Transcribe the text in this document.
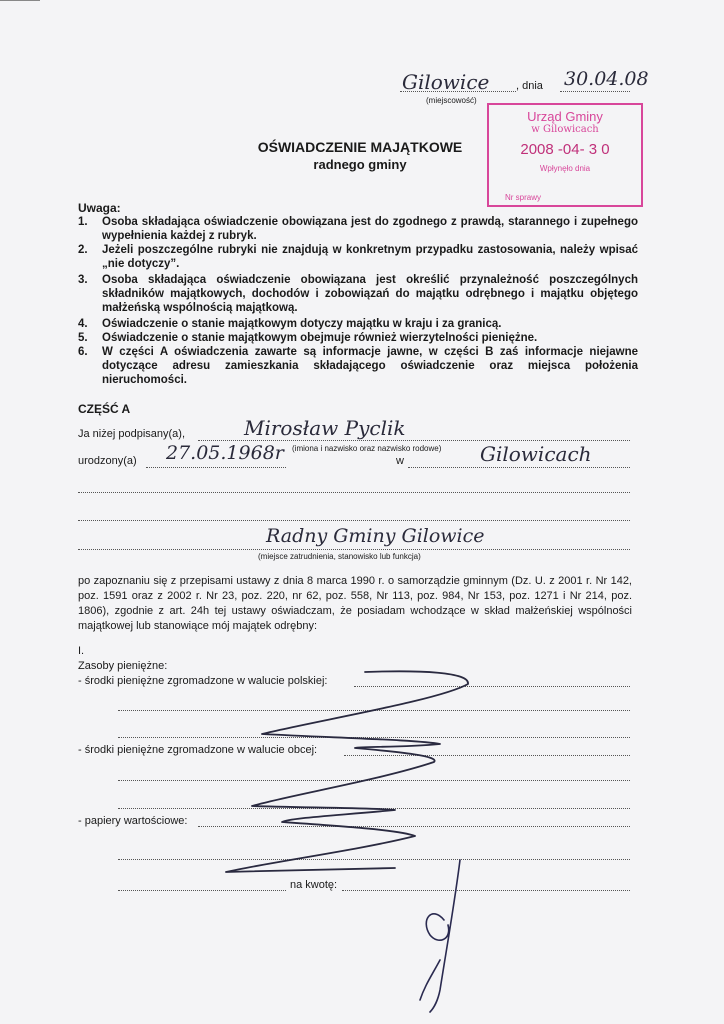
Gilowice , dnia 30.04.08
(miejscowość)
OŚWIADCZENIE MAJĄTKOWE
radnego gminy
Urząd Gminy
w Gilowicach
2008 -04- 3 0
Wpłynęło dnia
Nr sprawy
Uwaga:
1. Osoba składająca oświadczenie obowiązana jest do zgodnego z prawdą, starannego i zupełnego wypełnienia każdej z rubryk.
2. Jeżeli poszczególne rubryki nie znajdują w konkretnym przypadku zastosowania, należy wpisać „nie dotyczy”.
3. Osoba składająca oświadczenie obowiązana jest określić przynależność poszczególnych składników majątkowych, dochodów i zobowiązań do majątku odrębnego i majątku objętego małżeńską wspólnością majątkową.
4. Oświadczenie o stanie majątkowym dotyczy majątku w kraju i za granicą.
5. Oświadczenie o stanie majątkowym obejmuje również wierzytelności pieniężne.
6. W części A oświadczenia zawarte są informacje jawne, w części B zaś informacje niejawne dotyczące adresu zamieszkania składającego oświadczenie oraz miejsca położenia nieruchomości.
CZĘŚĆ A
Ja niżej podpisany(a),	Mirosław Pyclik
(imiona i nazwisko oraz nazwisko rodowe)
urodzony(a) 27.05.1968r	w	Gilowicach
Radny Gminy Gilowice
(miejsce zatrudnienia, stanowisko lub funkcja)
po zapoznaniu się z przepisami ustawy z dnia 8 marca 1990 r. o samorządzie gminnym (Dz. U. z 2001 r. Nr 142, poz. 1591 oraz z 2002 r. Nr 23, poz. 220, nr 62, poz. 558, Nr 113, poz. 984, Nr 153, poz. 1271 i Nr 214, poz. 1806), zgodnie z art. 24h tej ustawy oświadczam, że posiadam wchodzące w skład małżeńskiej wspólności majątkowej lub stanowiące mój majątek odrębny:
I.
Zasoby pieniężne:
- środki pieniężne zgromadzone w walucie polskiej:
- środki pieniężne zgromadzone w walucie obcej:
- papiery wartościowe:
na kwotę:
